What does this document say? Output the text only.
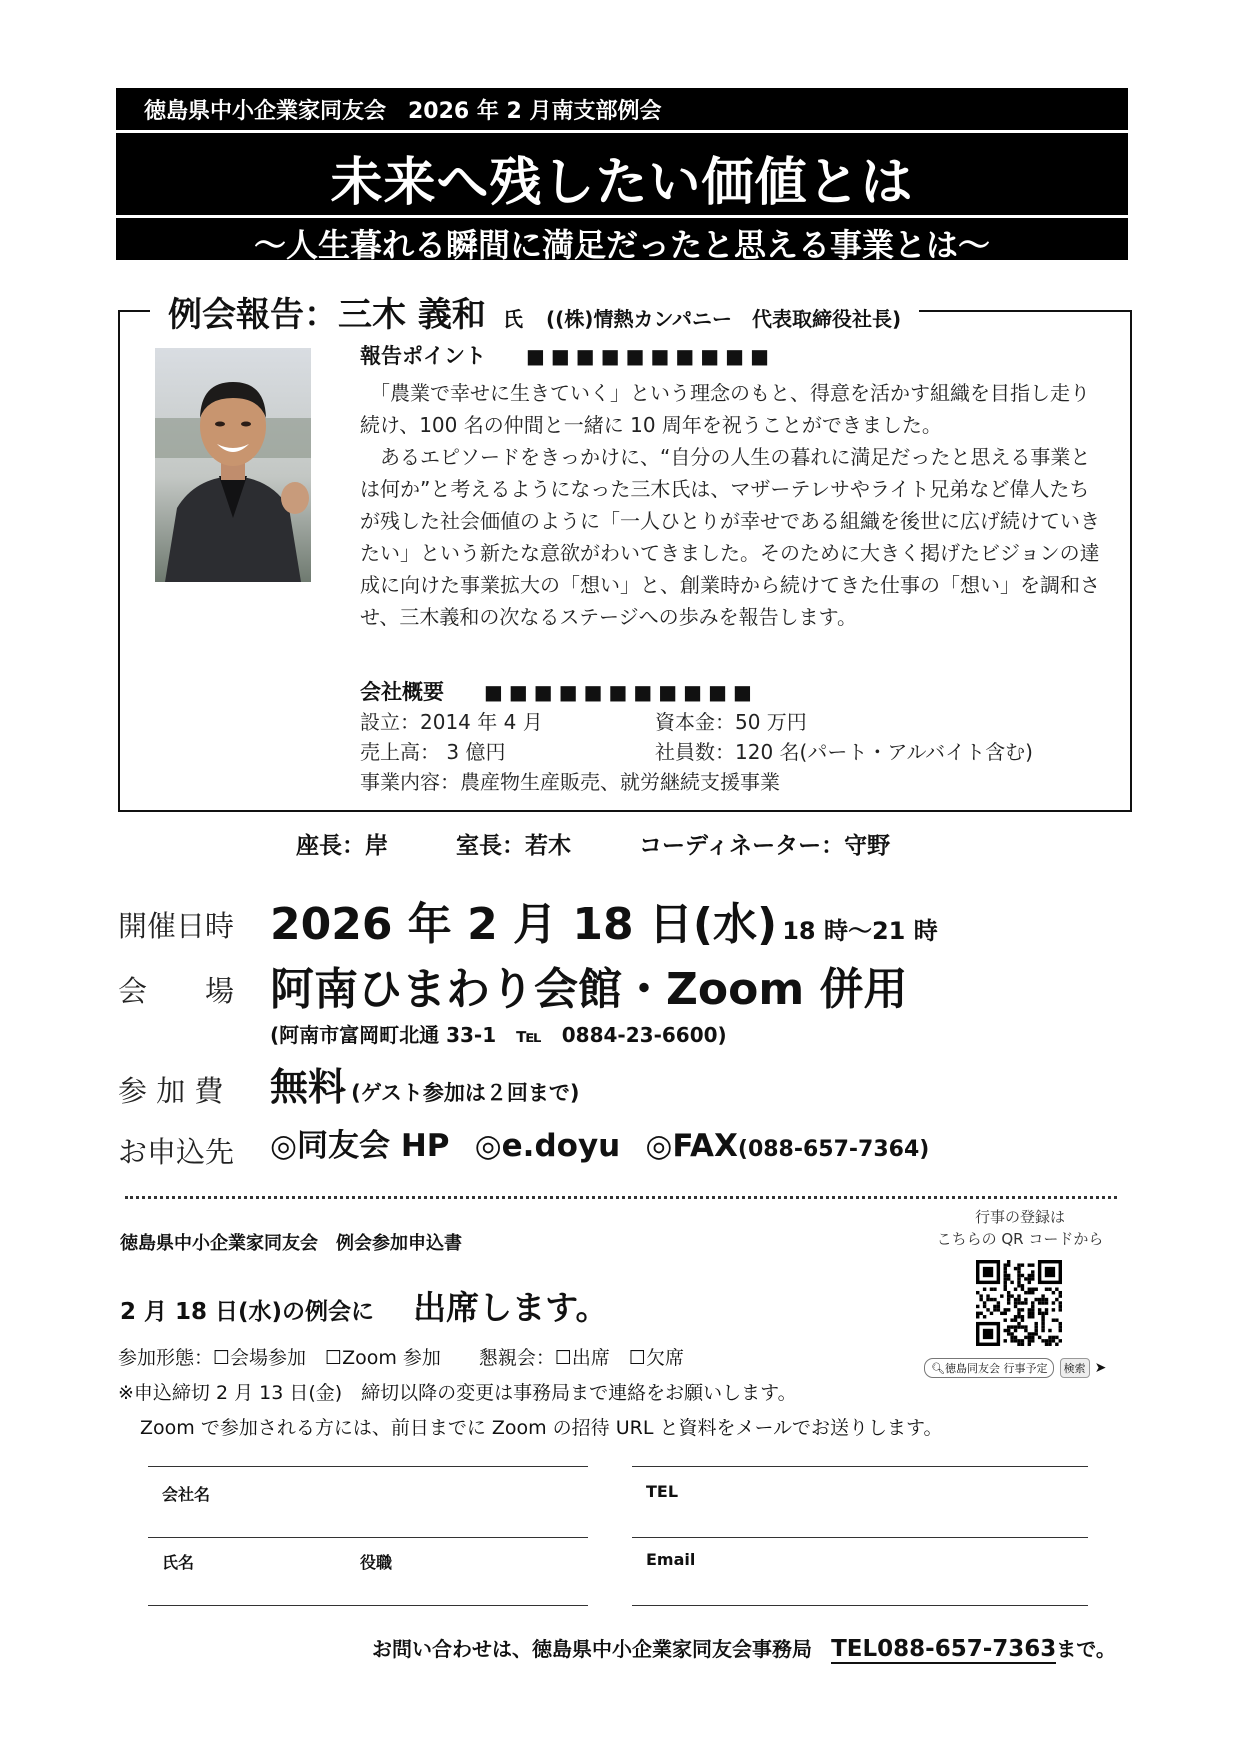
徳島県中小企業家同友会　2026 年 2 月南支部例会
未来へ残したい価値とは
〜人生暮れる瞬間に満足だったと思える事業とは〜
例会報告：三木 義和 氏 ((株)情熱カンパニー　代表取締役社長)
報告ポイント ■■■■■■■■■■
　「農業で幸せに生きていく」という理念のもと、得意を活かす組織を目指し走り続け、100 名の仲間と一緒に 10 周年を祝うことができました。
　あるエピソードをきっかけに、“自分の人生の暮れに満足だったと思える事業とは何か”と考えるようになった三木氏は、マザーテレサやライト兄弟など偉人たちが残した社会価値のように「一人ひとりが幸せである組織を後世に広げ続けていきたい」という新たな意欲がわいてきました。そのために大きく掲げたビジョンの達成に向けた事業拡大の「想い」と、創業時から続けてきた仕事の「想い」を調和させ、三木義和の次なるステージへの歩みを報告します。
会社概要 ■■■■■■■■■■■
設立：2014 年 4 月	資本金：50 万円
売上高： 3 億円	社員数：120 名(パート・アルバイト含む)
事業内容：農産物生産販売、就労継続支援事業
座長：岸	室長：若木	コーディネーター：守野
開催日時 2026 年 2 月 18 日(水) 18 時〜21 時
会　　場 阿南ひまわり会館・Zoom 併用
(阿南市富岡町北通 33-1　℡　0884-23-6600)
参 加 費 無料 (ゲスト参加は２回まで)
お申込先 ◎同友会 HP ◎e.doyu ◎FAX(088-657-7364)
徳島県中小企業家同友会　例会参加申込書
2 月 18 日(水)の例会に 出席します。
参加形態：☐会場参加　☐Zoom 参加　　懇親会：☐出席　☐欠席
※申込締切 2 月 13 日(金)　締切以降の変更は事務局まで連絡をお願いします。
Zoom で参加される方には、前日までに Zoom の招待 URL と資料をメールでお送りします。
会社名	TEL
氏名	役職	Email
行事の登録は
こちらの QR コードから
🔍︎徳島同友会 行事予定 検索 ➤
お問い合わせは、徳島県中小企業家同友会事務局 TEL088-657-7363まで。
